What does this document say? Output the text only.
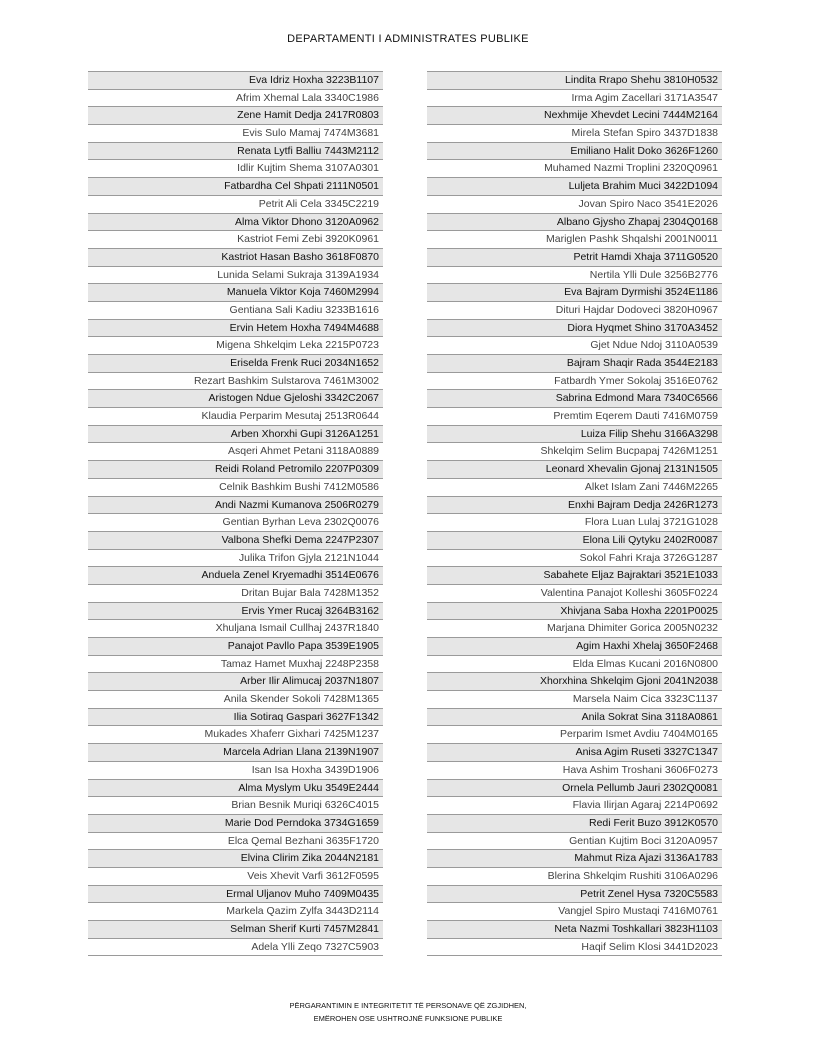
DEPARTAMENTI I ADMINISTRATES PUBLIKE
Eva Idriz Hoxha 3223B1107
Afrim Xhemal Lala 3340C1986
Zene Hamit Dedja 2417R0803
Evis Sulo Mamaj 7474M3681
Renata Lytfi Balliu 7443M2112
Idlir Kujtim Shema 3107A0301
Fatbardha Cel Shpati 2111N0501
Petrit Ali Cela 3345C2219
Alma Viktor Dhono 3120A0962
Kastriot Femi Zebi 3920K0961
Kastriot Hasan Basho 3618F0870
Lunida Selami Sukraja 3139A1934
Manuela Viktor Koja 7460M2994
Gentiana Sali Kadiu 3233B1616
Ervin Hetem Hoxha 7494M4688
Migena Shkelqim Leka 2215P0723
Eriselda Frenk Ruci 2034N1652
Rezart Bashkim Sulstarova 7461M3002
Aristogen Ndue Gjeloshi 3342C2067
Klaudia Perparim Mesutaj 2513R0644
Arben Xhorxhi Gupi 3126A1251
Asqeri Ahmet Petani 3118A0889
Reidi Roland Petromilo 2207P0309
Celnik Bashkim Bushi 7412M0586
Andi Nazmi Kumanova 2506R0279
Gentian Byrhan Leva 2302Q0076
Valbona Shefki Dema 2247P2307
Julika Trifon Gjyla 2121N1044
Anduela Zenel Kryemadhi 3514E0676
Dritan Bujar Bala 7428M1352
Ervis Ymer Rucaj 3264B3162
Xhuljana Ismail Cullhaj 2437R1840
Panajot Pavllo Papa 3539E1905
Tamaz Hamet Muxhaj 2248P2358
Arber Ilir Alimucaj 2037N1807
Anila Skender Sokoli 7428M1365
Ilia Sotiraq Gaspari 3627F1342
Mukades Xhaferr Gixhari 7425M1237
Marcela Adrian Llana 2139N1907
Isan Isa Hoxha 3439D1906
Alma Myslym Uku 3549E2444
Brian Besnik Muriqi 6326C4015
Marie Dod Perndoka 3734G1659
Elca Qemal Bezhani 3635F1720
Elvina Clirim Zika 2044N2181
Veis Xhevit Varfi 3612F0595
Ermal Uljanov Muho 7409M0435
Markela Qazim Zylfa 3443D2114
Selman Sherif Kurti 7457M2841
Adela Ylli Zeqo 7327C5903
Lindita Rrapo Shehu 3810H0532
Irma Agim Zacellari 3171A3547
Nexhmije Xhevdet Lecini 7444M2164
Mirela Stefan Spiro 3437D1838
Emiliano Halit Doko 3626F1260
Muhamed Nazmi Troplini 2320Q0961
Luljeta Brahim Muci 3422D1094
Jovan Spiro Naco 3541E2026
Albano Gjysho Zhapaj 2304Q0168
Mariglen Pashk Shqalshi 2001N0011
Petrit Hamdi Xhaja 3711G0520
Nertila Ylli Dule 3256B2776
Eva Bajram Dyrmishi 3524E1186
Dituri Hajdar Dodoveci 3820H0967
Diora Hyqmet Shino 3170A3452
Gjet Ndue Ndoj 3110A0539
Bajram Shaqir Rada 3544E2183
Fatbardh Ymer Sokolaj 3516E0762
Sabrina Edmond Mara 7340C6566
Premtim Eqerem Dauti 7416M0759
Luiza Filip Shehu 3166A3298
Shkelqim Selim Bucpapaj 7426M1251
Leonard Xhevalin Gjonaj 2131N1505
Alket Islam Zani 7446M2265
Enxhi Bajram Dedja 2426R1273
Flora Luan Lulaj 3721G1028
Elona Lili Qytyku 2402R0087
Sokol Fahri Kraja 3726G1287
Sabahete Eljaz Bajraktari 3521E1033
Valentina Panajot Kolleshi 3605F0224
Xhivjana Saba Hoxha 2201P0025
Marjana Dhimiter Gorica 2005N0232
Agim Haxhi Xhelaj 3650F2468
Elda Elmas Kucani 2016N0800
Xhorxhina Shkelqim Gjoni 2041N2038
Marsela Naim Cica 3323C1137
Anila Sokrat Sina 3118A0861
Perparim Ismet Avdiu 7404M0165
Anisa Agim Ruseti 3327C1347
Hava Ashim Troshani 3606F0273
Ornela Pellumb Jauri 2302Q0081
Flavia Ilirjan Agaraj 2214P0692
Redi Ferit Buzo 3912K0570
Gentian Kujtim Boci 3120A0957
Mahmut Riza Ajazi 3136A1783
Blerina Shkelqim Rushiti 3106A0296
Petrit Zenel Hysa 7320C5583
Vangjel Spiro Mustaqi 7416M0761
Neta Nazmi Toshkallari 3823H1103
Haqif Selim Klosi 3441D2023
PËRGARANTIMIN E INTEGRITETIT TË PERSONAVE QË ZGJIDHEN,
EMËROHEN OSE USHTROJNË FUNKSIONE PUBLIKE
